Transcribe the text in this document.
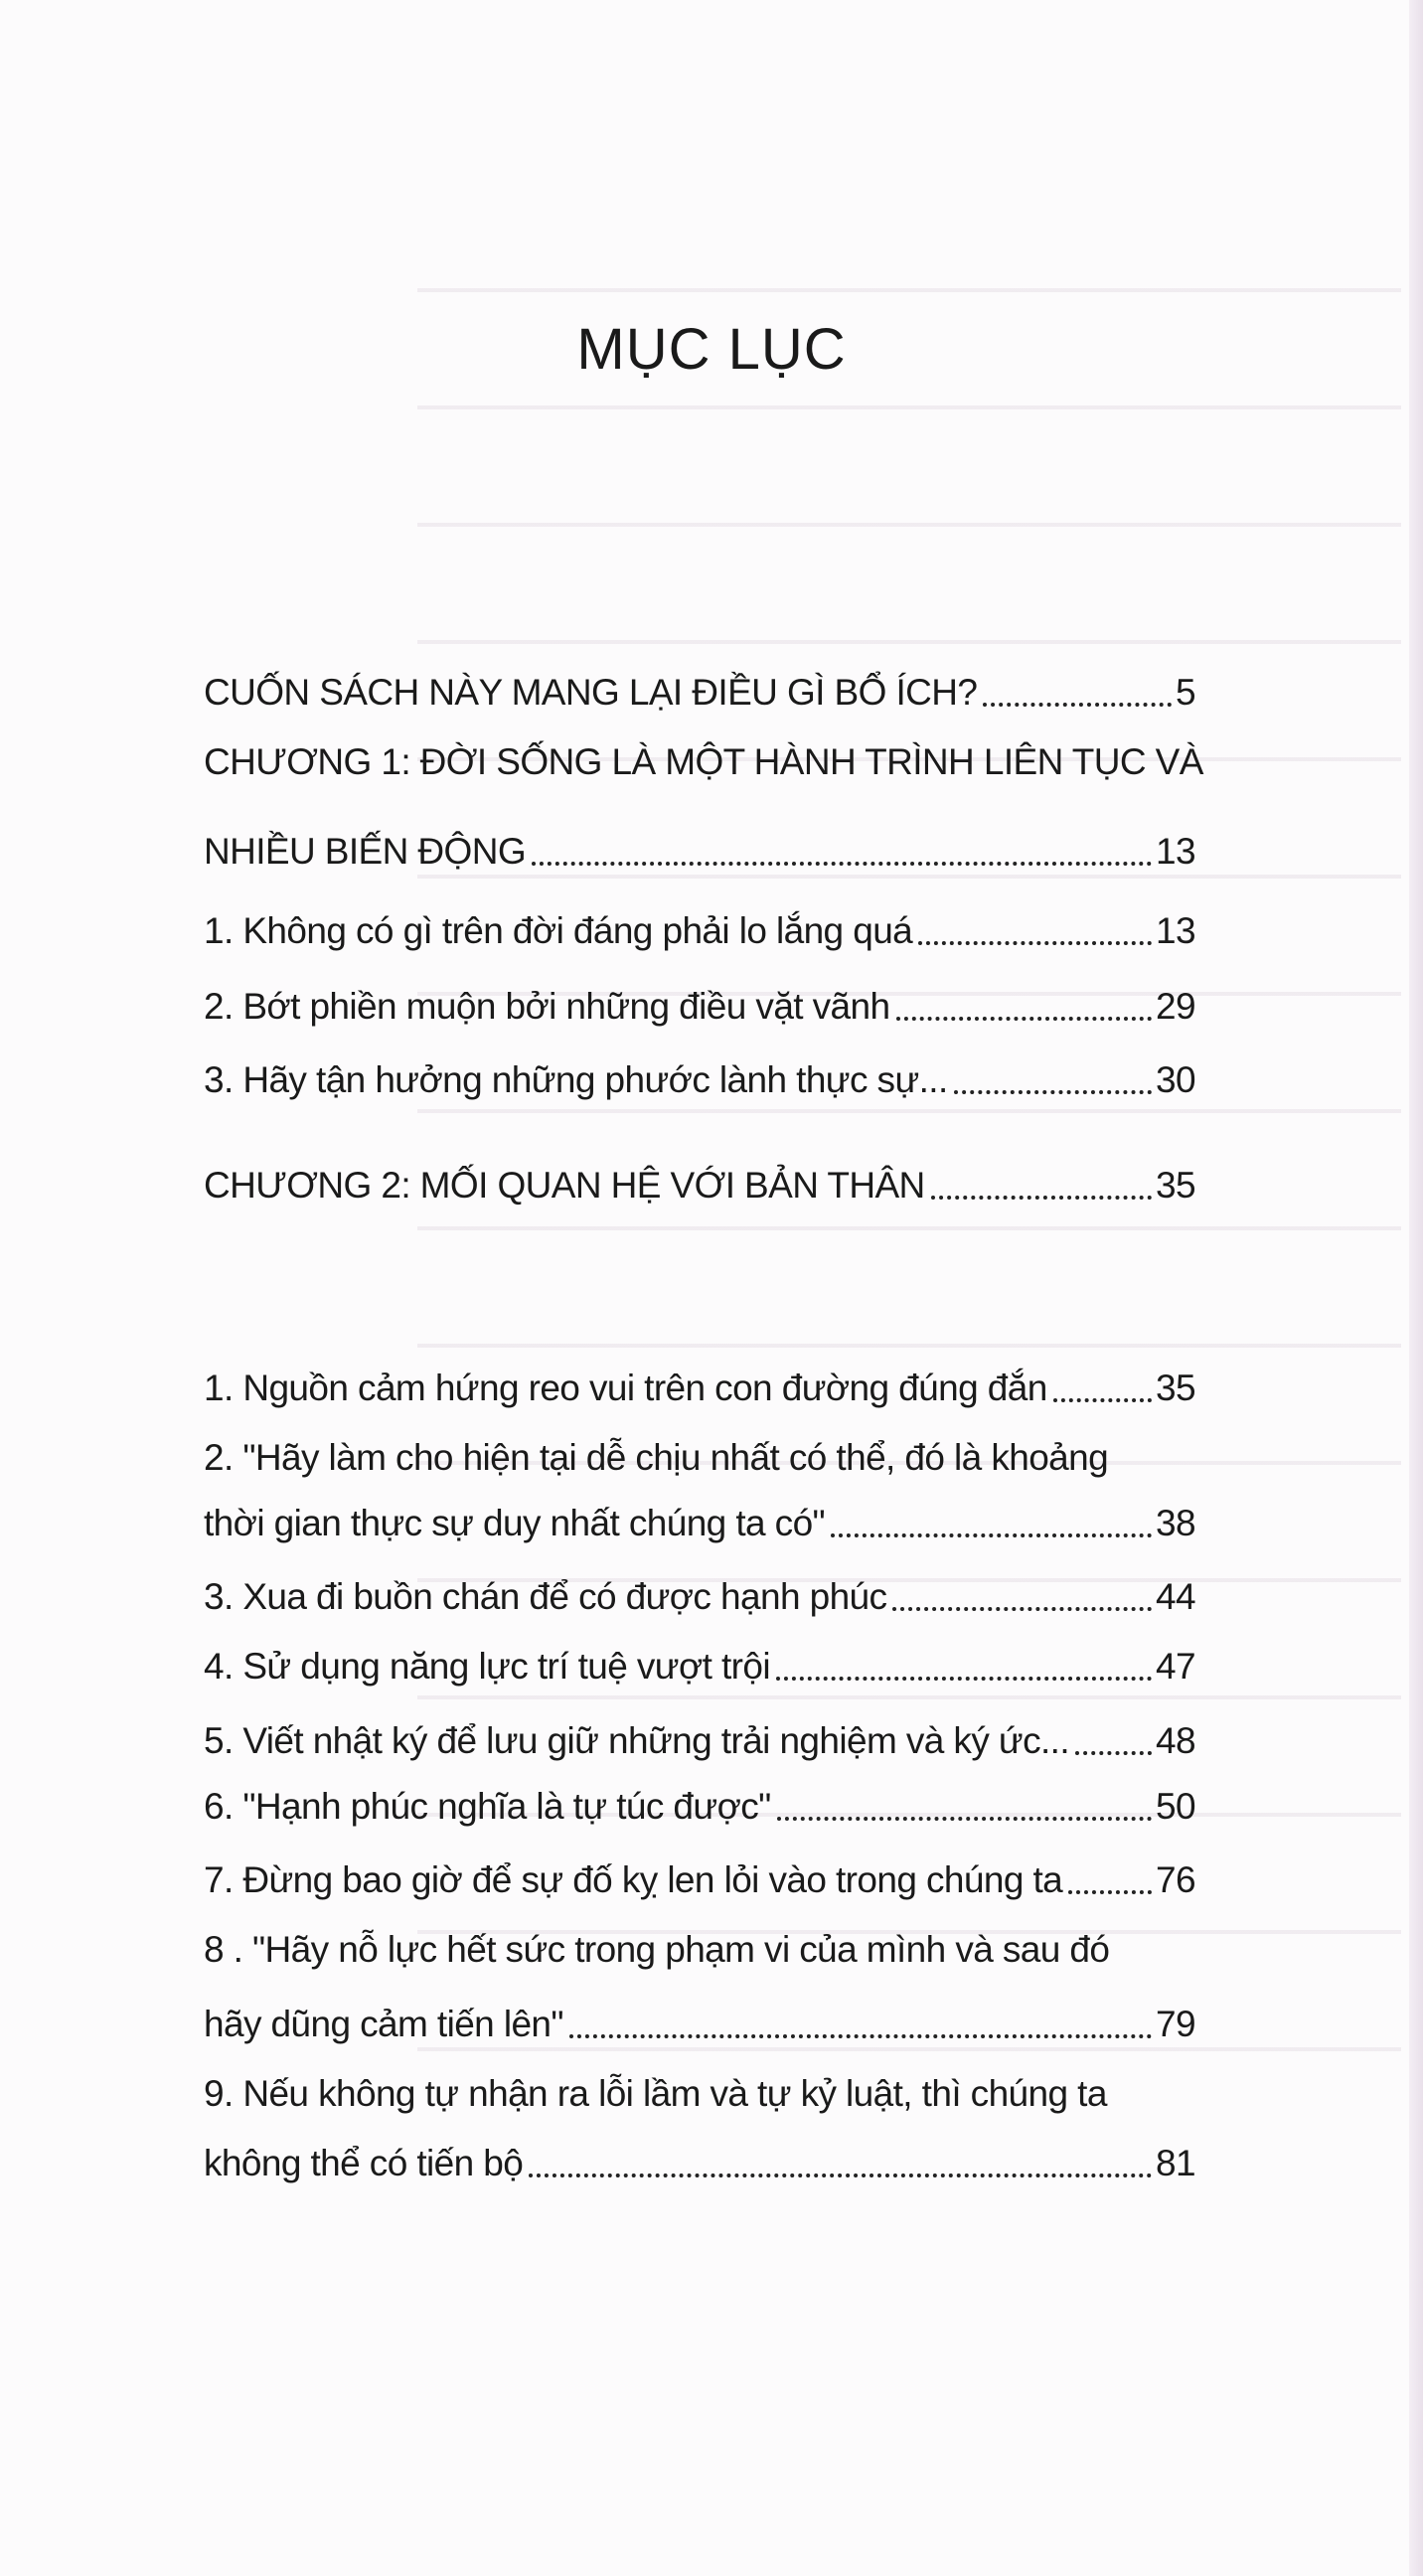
MỤC LỤC
CUỐN SÁCH NÀY MANG LẠI ĐIỀU GÌ BỔ ÍCH?	5
CHƯƠNG 1: ĐỜI SỐNG LÀ MỘT HÀNH TRÌNH LIÊN TỤC VÀ
NHIỀU BIẾN ĐỘNG	13
1. Không có gì trên đời đáng phải lo lắng quá	13
2. Bớt phiền muộn bởi những điều vặt vãnh	29
3. Hãy tận hưởng những phước lành thực sự...	30
CHƯƠNG 2: MỐI QUAN HỆ VỚI BẢN THÂN	35
1. Nguồn cảm hứng reo vui trên con đường đúng đắn	35
2. "Hãy làm cho hiện tại dễ chịu nhất có thể, đó là khoảng
thời gian thực sự duy nhất chúng ta có"	38
3. Xua đi buồn chán để có được hạnh phúc	44
4. Sử dụng năng lực trí tuệ vượt trội	47
5. Viết nhật ký để lưu giữ những trải nghiệm và ký ức... 48
6. "Hạnh phúc nghĩa là tự túc được"	50
7. Đừng bao giờ để sự đố kỵ len lỏi vào trong chúng ta	76
8 . "Hãy nỗ lực hết sức trong phạm vi của mình và sau đó
hãy dũng cảm tiến lên"	79
9. Nếu không tự nhận ra lỗi lầm và tự kỷ luật, thì chúng ta
không thể có tiến bộ	81
